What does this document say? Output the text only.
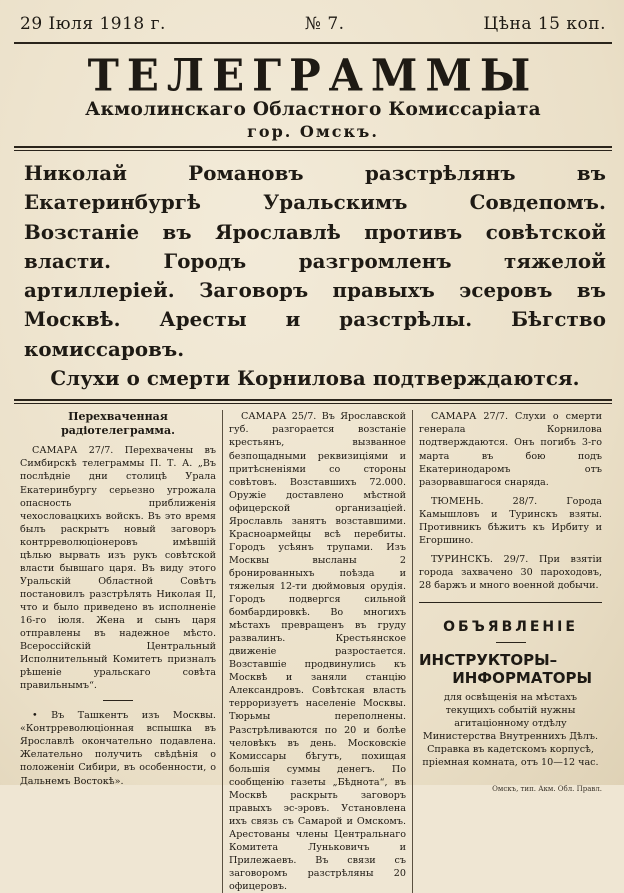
29 Іюля 1918 г.	№ 7.	Цѣна 15 коп.
ТЕЛЕГРАММЫ
Акмолинскаго Областного Комиссаріата
гор. Омскъ.
Николай Романовъ разстрѣлянъ въ Екатеринбургѣ Уральскимъ Совдепомъ. Возстаніе въ Ярославлѣ противъ совѣтской власти. Городъ разгромленъ тяжелой артиллеріей. Заговоръ правыхъ эсеровъ въ Москвѣ. Аресты и разстрѣлы. Бѣгство комиссаровъ.
Слухи о смерти Корнилова подтверждаются.
Перехваченная радіотелеграмма.

САМАРА 27/7. Перехвачены въ Симбирскѣ телеграммы П. Т. А. „Въ послѣдніе дни столицѣ Урала Екатеринбургу серьезно угрожала опасность приближенія чехословацкихъ войскъ. Въ это время былъ раскрытъ новый заговоръ контрреволюціонеровъ имѣвшій цѣлью вырвать изъ рукъ совѣтской власти бывшаго царя. Въ виду этого Уральскій Областной Совѣтъ постановилъ разстрѣлять Николая II, что и было приведено въ исполненіе 16-го іюля. Жена и сынъ царя отправлены въ надежное мѣсто. Всероссійскій Центральный Исполнительный Комитетъ призналъ рѣшеніе уральскаго совѣта правильнымъ“.

• Въ Ташкентъ изъ Москвы. «Контрреволюціонная вспышка въ Ярославлѣ окончательно подавлена. Желательно получить свѣдѣнія о положеніи Сибири, въ особенности, о Дальнемъ Востокѣ».

САМАРА 25/7. Въ Ярославской губ. разгорается возстаніе крестьянъ, вызванное безпощадными реквизиціями и притѣсненіями со стороны совѣтовъ. Возставшихъ 72.000. Оружіе доставлено мѣстной офицерской организаціей. Ярославль занятъ возставшими. Красноармейцы всѣ перебиты. Городъ усѣянъ трупами. Изъ Москвы высланы 2 бронированныхъ поѣзда и тяжелыя 12-ти дюймовыя орудія. Городъ подвергся сильной бомбардировкѣ. Во многихъ мѣстахъ превращенъ въ груду развалинъ. Крестьянское движеніе разростается. Возставшіе продвинулись къ Москвѣ и заняли станцію Александровъ. Совѣтская власть терроризуетъ населеніе Москвы. Тюрьмы переполнены. Разстрѣливаются по 20 и болѣе человѣкъ въ день. Московскіе Комиссары бѣгутъ, похищая большія суммы денегъ. По сообщенію газеты „Бѣднота“, въ Москвѣ раскрыть заговоръ правыхъ эс-эровъ. Установлена ихъ связь съ Самарой и Омскомъ. Арестованы члены Центральнаго Комитета Луньковичъ и Прилежаевъ. Въ связи съ заговоромъ разстрѣляны 20 офицеровъ.

САМАРА 27/7. Слухи о смерти генерала Корнилова подтверждаются. Онъ погибъ 3-го марта въ бою подъ Екатеринодаромъ отъ разорвавшагося снаряда.

ТЮМЕНЬ. 28/7. Города Камышловъ и Туринскъ взяты. Противникъ бѣжитъ къ Ирбиту и Егоршино.

ТУРИНСКЪ. 29/7. При взятіи города захвачено 30 пароходовъ, 28 баржъ и много военной добычи.

ОБЪЯВЛЕНІЕ
ИНСТРУКТОРЫ–
ИНФОРМАТОРЫ

для освѣщенія на мѣстахъ текущихъ событій нужны агитаціонному отдѣлу Министерства Внутреннихъ Дѣлъ. Справка въ кадетскомъ корпусѣ, пріемная комната, отъ 10—12 час.

Омскъ, тип. Акм. Обл. Правл.
